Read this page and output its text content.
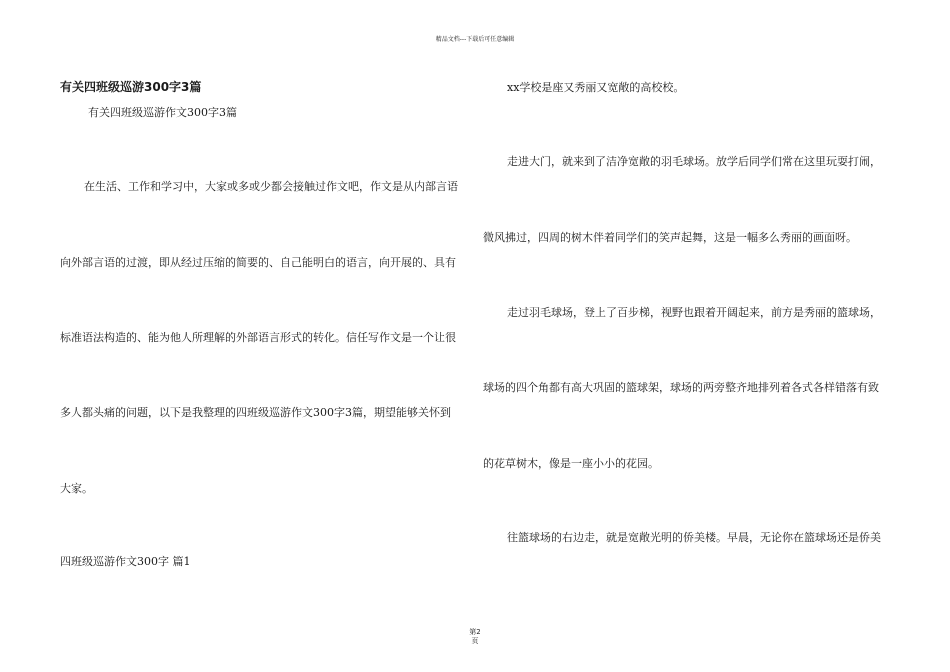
精品文档---下载后可任意编辑
有关四班级巡游300字3篇
有关四班级巡游作文300字3篇
在生活、工作和学习中，大家或多或少都会接触过作文吧，作文是从内部言语
向外部言语的过渡，即从经过压缩的简要的、自己能明白的语言，向开展的、具有
标准语法构造的、能为他人所理解的外部语言形式的转化。信任写作文是一个让很
多人都头痛的问题，以下是我整理的四班级巡游作文300字3篇，期望能够关怀到
大家。
四班级巡游作文300字 篇1
xx学校是座又秀丽又宽敞的高校校。
走进大门，就来到了洁净宽敞的羽毛球场。放学后同学们常在这里玩耍打闹，
微风拂过，四周的树木伴着同学们的笑声起舞，这是一幅多么秀丽的画面呀。
走过羽毛球场，登上了百步梯，视野也跟着开阔起来，前方是秀丽的篮球场，
球场的四个角都有高大巩固的篮球架，球场的两旁整齐地排列着各式各样错落有致
的花草树木，像是一座小小的花园。
往篮球场的右边走，就是宽敞光明的侨美楼。早晨，无论你在篮球场还是侨美
第2
页
